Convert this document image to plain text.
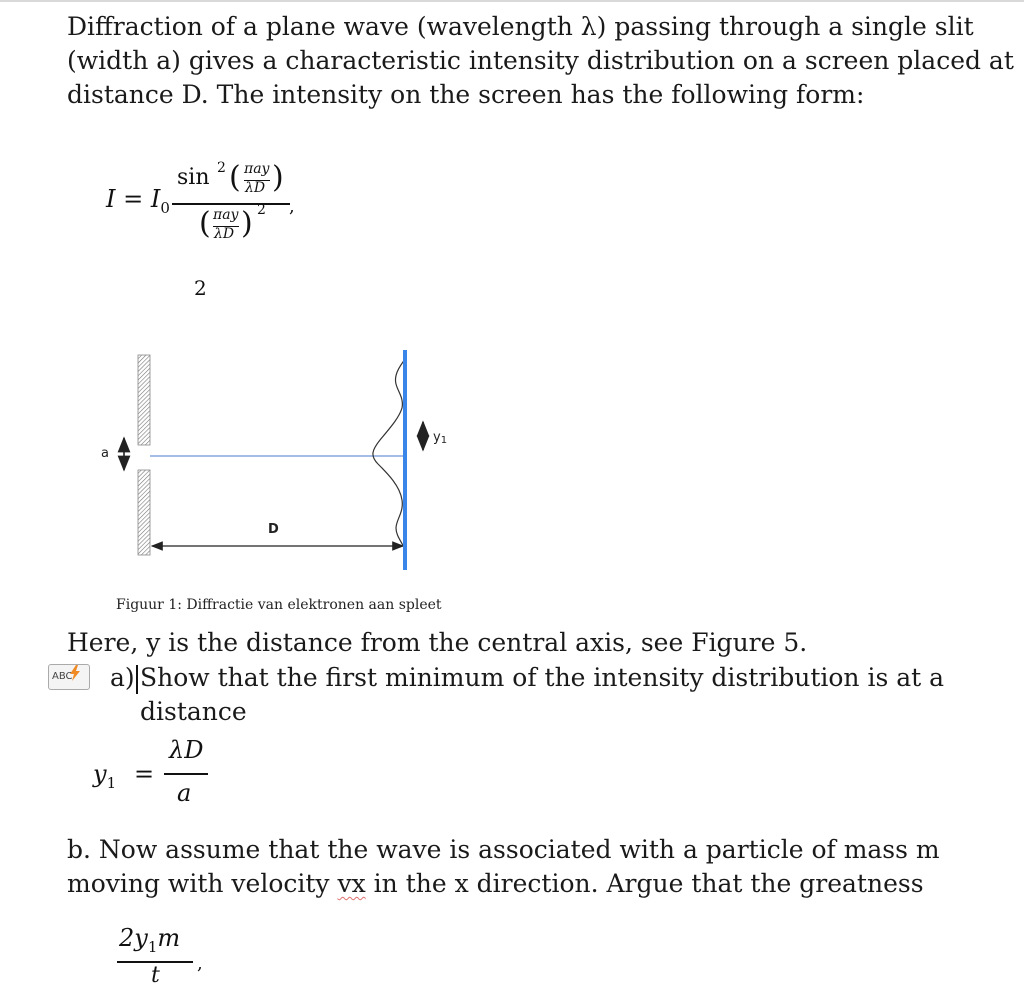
Diffraction of a plane wave (wavelength λ) passing through a single slit
(width a) gives a characteristic intensity distribution on a screen placed at
distance D. The intensity on the screen has the following form:
$I = I_0$
sin 2 ( πay
λD )
( πay
λD ) 2 ,
2
a
D
y1
Figuur 1: Diffractie van elektronen aan spleet
Here, y is the distance from the central axis, see Figure 5.
ABC a) Show that the first minimum of the intensity distribution is at a
distance
$y_1$ =
λD
a
b. Now assume that the wave is associated with a particle of mass m
moving with velocity vx in the x direction. Argue that the greatness
$2y_1m$
t ,
